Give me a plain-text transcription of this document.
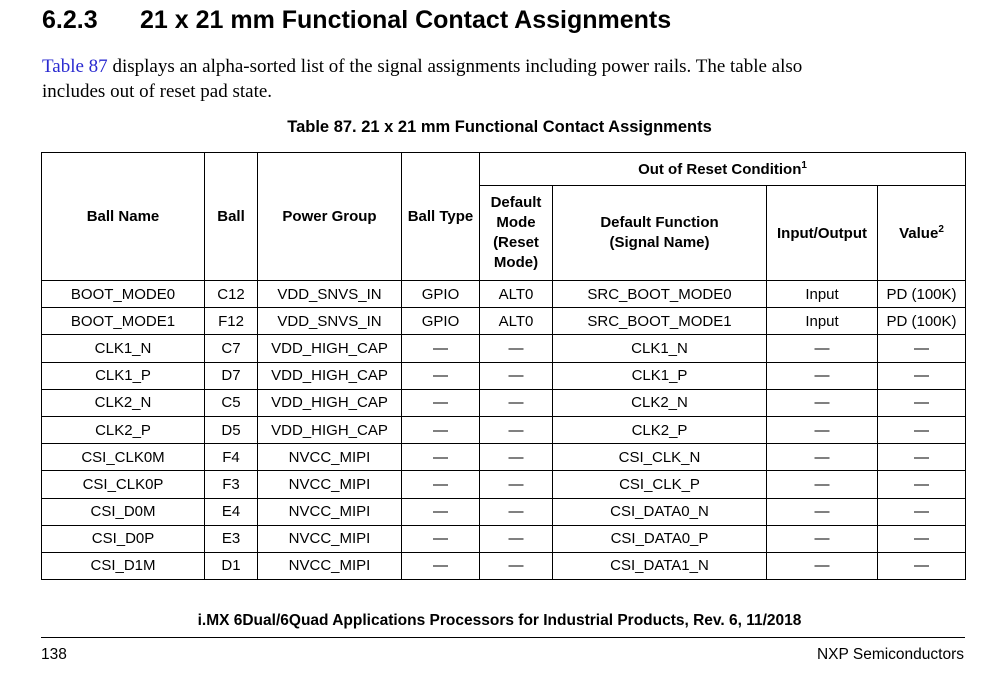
6.2.3 21 x 21 mm Functional Contact Assignments
Table 87 displays an alpha-sorted list of the signal assignments including power rails. The table also
includes out of reset pad state.
Table 87. 21 x 21 mm Functional Contact Assignments
Ball Name	Ball	Power Group	Ball Type	Out of Reset Condition$^1$
				Default
Mode
(Reset
Mode)	Default Function
(Signal Name)	Input/Output	Value$^2$
BOOT_MODE0	C12	VDD_SNVS_IN	GPIO	ALT0	SRC_BOOT_MODE0	Input	PD (100K)
BOOT_MODE1	F12	VDD_SNVS_IN	GPIO	ALT0	SRC_BOOT_MODE1	Input	PD (100K)
CLK1_N	C7	VDD_HIGH_CAP	—	—	CLK1_N	—	—
CLK1_P	D7	VDD_HIGH_CAP	—	—	CLK1_P	—	—
CLK2_N	C5	VDD_HIGH_CAP	—	—	CLK2_N	—	—
CLK2_P	D5	VDD_HIGH_CAP	—	—	CLK2_P	—	—
CSI_CLK0M	F4	NVCC_MIPI	—	—	CSI_CLK_N	—	—
CSI_CLK0P	F3	NVCC_MIPI	—	—	CSI_CLK_P	—	—
CSI_D0M	E4	NVCC_MIPI	—	—	CSI_DATA0_N	—	—
CSI_D0P	E3	NVCC_MIPI	—	—	CSI_DATA0_P	—	—
CSI_D1M	D1	NVCC_MIPI	—	—	CSI_DATA1_N	—	—
i.MX 6Dual/6Quad Applications Processors for Industrial Products, Rev. 6, 11/2018
138	NXP Semiconductors
